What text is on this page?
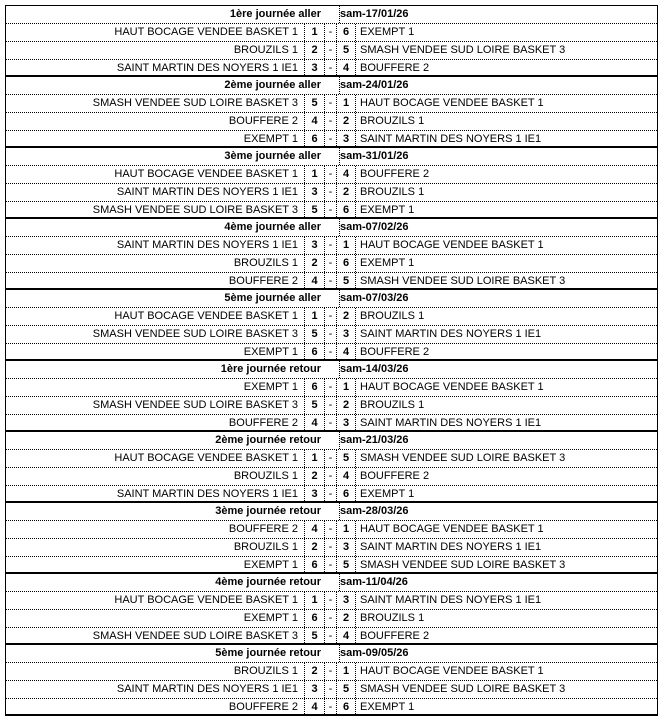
1ère journée aller sam-17/01/26
HAUT BOCAGE VENDEE BASKET 1	1	- 6 EXEMPT 1
BROUZILS 1	2	- 5 SMASH VENDEE SUD LOIRE BASKET 3
SAINT MARTIN DES NOYERS 1 IE1	3	- 4 BOUFFERE 2
2ème journée aller sam-24/01/26
SMASH VENDEE SUD LOIRE BASKET 3	5	- 1 HAUT BOCAGE VENDEE BASKET 1
BOUFFERE 2	4	- 2 BROUZILS 1
EXEMPT 1	6	- 3 SAINT MARTIN DES NOYERS 1 IE1
3ème journée aller sam-31/01/26
HAUT BOCAGE VENDEE BASKET 1	1	- 4 BOUFFERE 2
SAINT MARTIN DES NOYERS 1 IE1	3	- 2 BROUZILS 1
SMASH VENDEE SUD LOIRE BASKET 3	5	- 6 EXEMPT 1
4ème journée aller sam-07/02/26
SAINT MARTIN DES NOYERS 1 IE1	3	- 1 HAUT BOCAGE VENDEE BASKET 1
BROUZILS 1	2	- 6 EXEMPT 1
BOUFFERE 2	4	- 5 SMASH VENDEE SUD LOIRE BASKET 3
5ème journée aller sam-07/03/26
HAUT BOCAGE VENDEE BASKET 1	1	- 2 BROUZILS 1
SMASH VENDEE SUD LOIRE BASKET 3	5	- 3 SAINT MARTIN DES NOYERS 1 IE1
EXEMPT 1	6	- 4 BOUFFERE 2
1ère journée retour sam-14/03/26
EXEMPT 1	6	- 1 HAUT BOCAGE VENDEE BASKET 1
SMASH VENDEE SUD LOIRE BASKET 3	5	- 2 BROUZILS 1
BOUFFERE 2	4	- 3 SAINT MARTIN DES NOYERS 1 IE1
2ème journée retour sam-21/03/26
HAUT BOCAGE VENDEE BASKET 1	1	- 5 SMASH VENDEE SUD LOIRE BASKET 3
BROUZILS 1	2	- 4 BOUFFERE 2
SAINT MARTIN DES NOYERS 1 IE1	3	- 6 EXEMPT 1
3ème journée retour sam-28/03/26
BOUFFERE 2	4	- 1 HAUT BOCAGE VENDEE BASKET 1
BROUZILS 1	2	- 3 SAINT MARTIN DES NOYERS 1 IE1
EXEMPT 1	6	- 5 SMASH VENDEE SUD LOIRE BASKET 3
4ème journée retour sam-11/04/26
HAUT BOCAGE VENDEE BASKET 1	1	- 3 SAINT MARTIN DES NOYERS 1 IE1
EXEMPT 1	6	- 2 BROUZILS 1
SMASH VENDEE SUD LOIRE BASKET 3	5	- 4 BOUFFERE 2
5ème journée retour sam-09/05/26
BROUZILS 1	2	- 1 HAUT BOCAGE VENDEE BASKET 1
SAINT MARTIN DES NOYERS 1 IE1	3	- 5 SMASH VENDEE SUD LOIRE BASKET 3
BOUFFERE 2	4	- 6 EXEMPT 1
